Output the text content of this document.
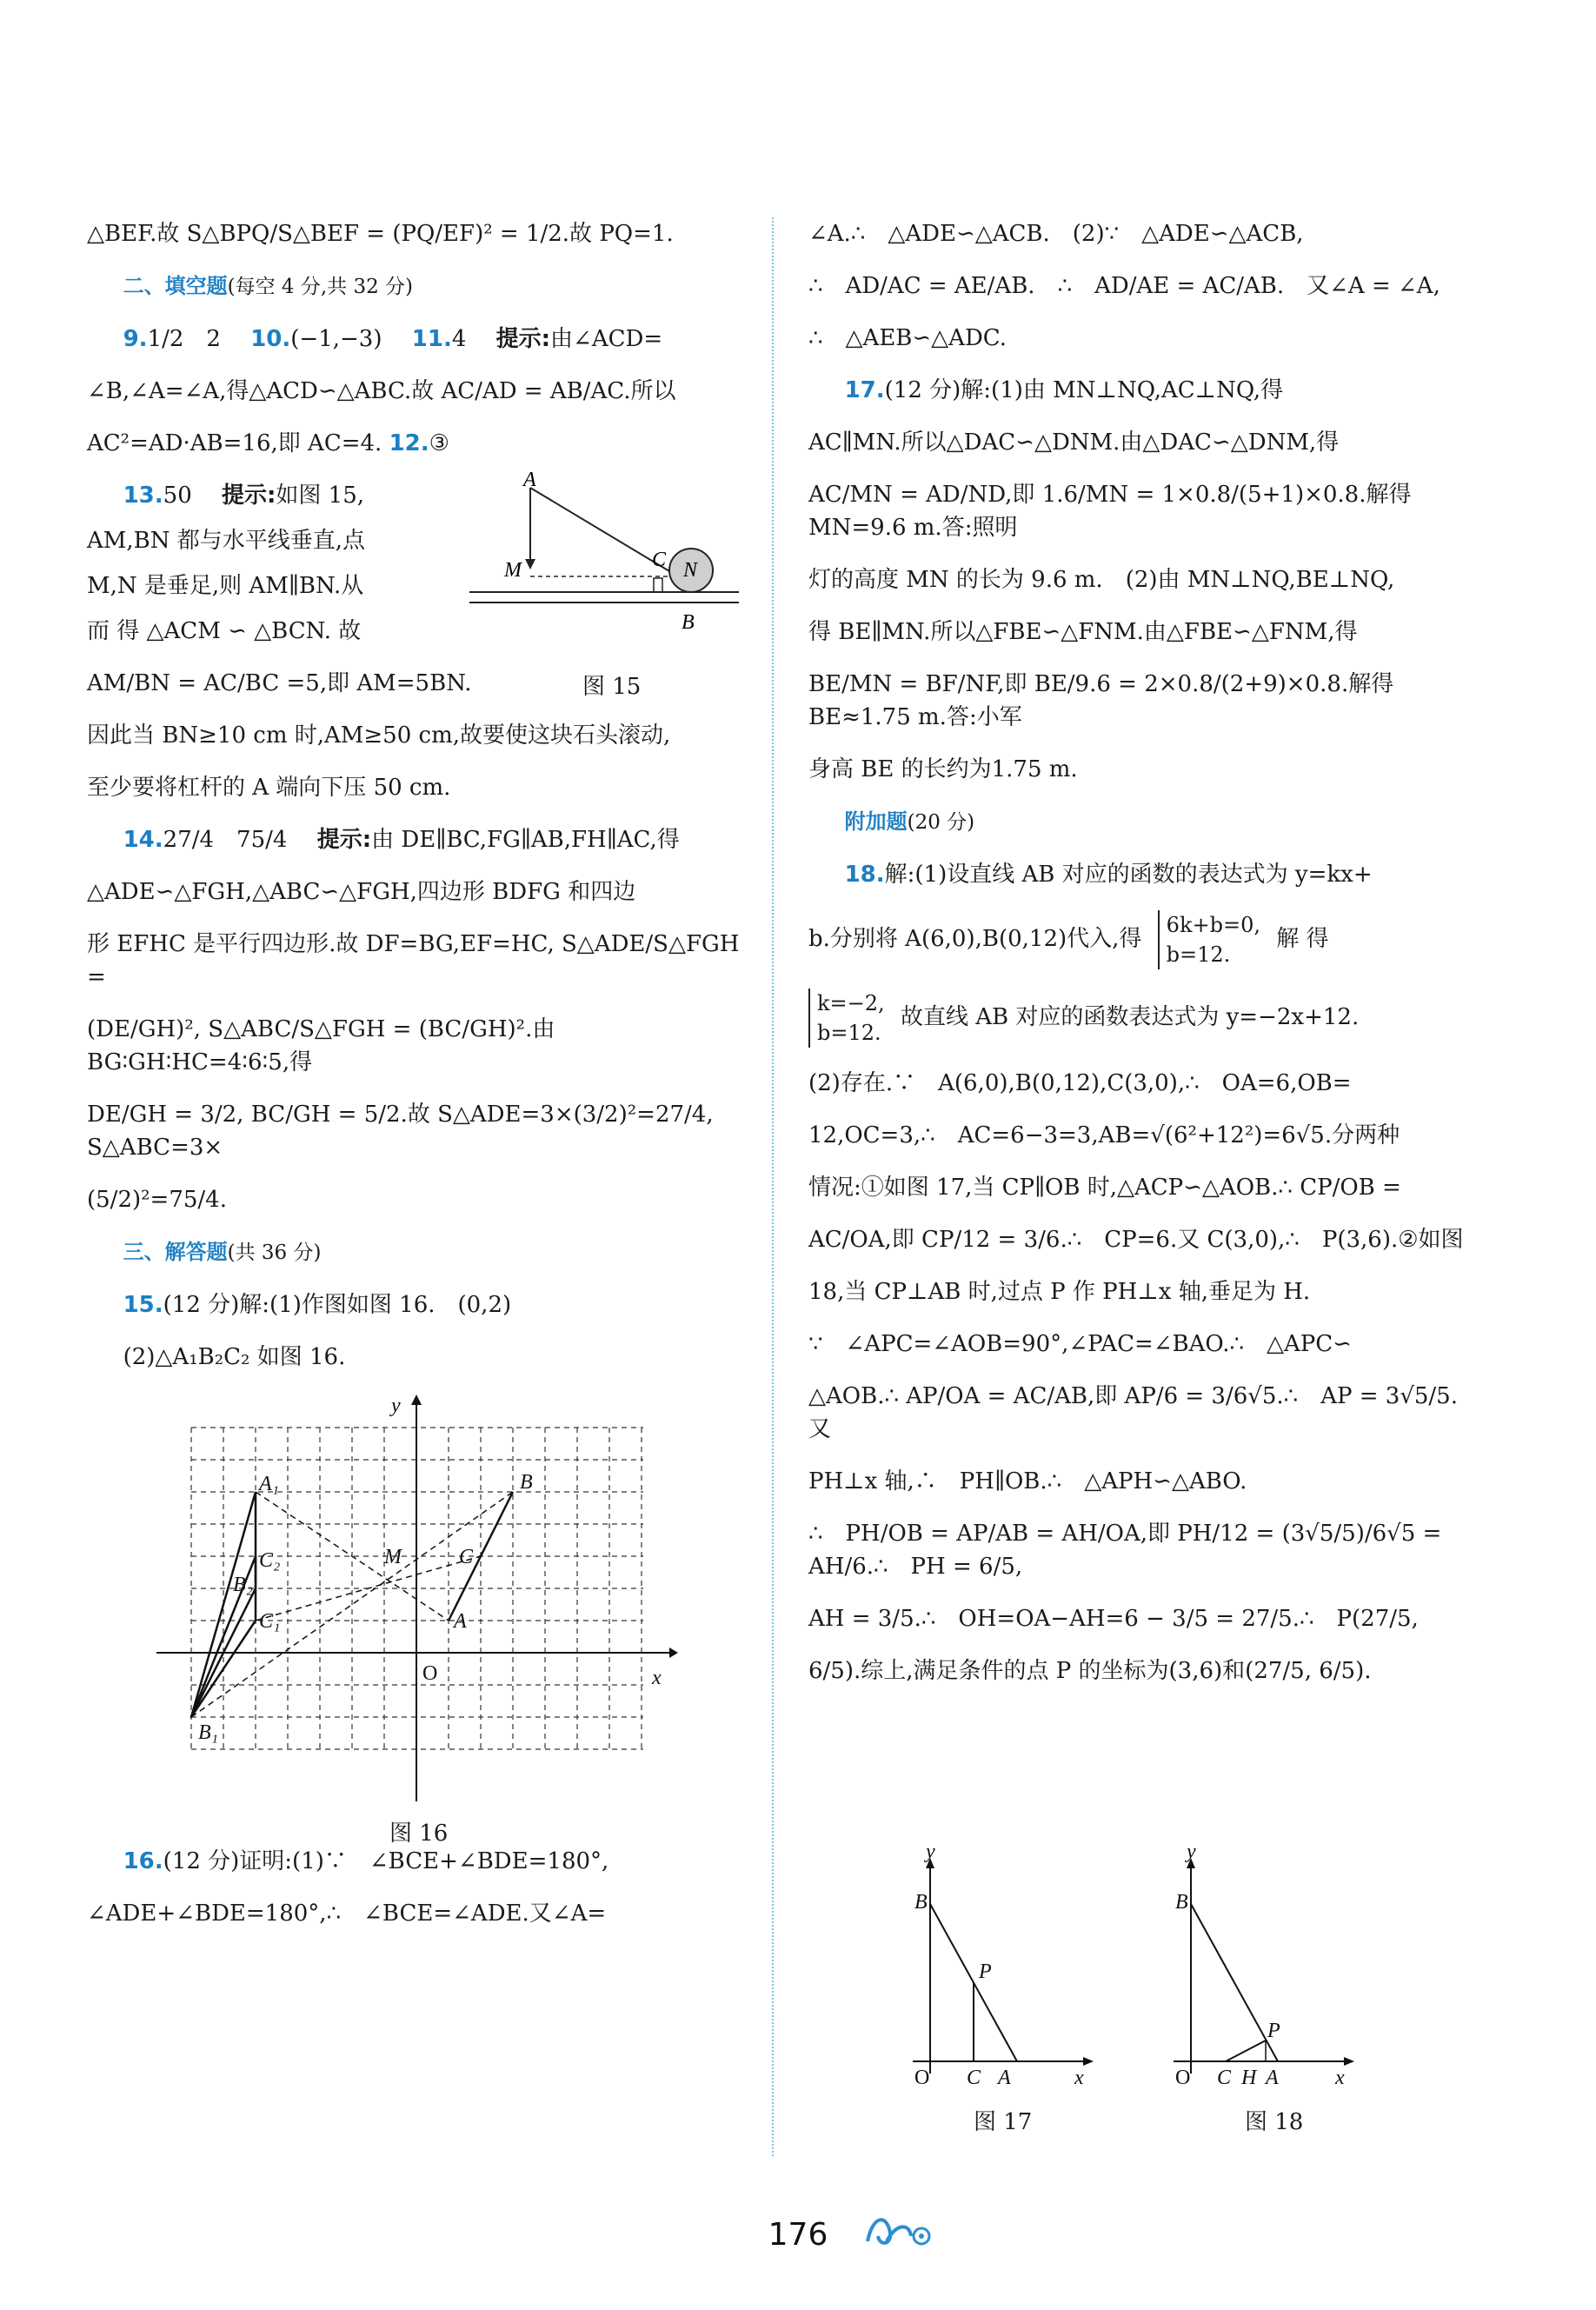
△BEF.故 S△BPQ/S△BEF = (PQ/EF)² = 1/2.故 PQ=1.

二、填空题(每空 4 分,共 32 分)

9.1/2　2　 10.(−1,−3)　 11.4　 提示:由∠ACD=

∠B,∠A=∠A,得△ACD∽△ABC.故 AC/AD = AB/AC.所以

AC²=AD·AB=16,即 AC=4. 12.③

13.50　 提示:如图 15,

AM,BN 都与水平线垂直,点

M,N 是垂足,则 AM∥BN.从

而 得 △ACM ∽ △BCN. 故

A
M	C N
B
图 15

AM/BN = AC/BC =5,即 AM=5BN.

因此当 BN≥10 cm 时,AM≥50 cm,故要使这块石头滚动,

至少要将杠杆的 A 端向下压 50 cm.

14.27/4　75/4　 提示:由 DE∥BC,FG∥AB,FH∥AC,得

△ADE∽△FGH,△ABC∽△FGH,四边形 BDFG 和四边

形 EFHC 是平行四边形.故 DF=BG,EF=HC, S△ADE/S△FGH =

(DE/GH)², S△ABC/S△FGH = (BC/GH)².由 BG∶GH∶HC=4∶6∶5,得

DE/GH = 3/2, BC/GH = 5/2.故 S△ADE=3×(3/2)²=27/4, S△ABC=3×

(5/2)²=75/4.

三、解答题(共 36 分)

15.(12 分)解:(1)作图如图 16.　(0,2)

(2)△A₁B₂C₂ 如图 16.

y
x
O
A₁	B
C₂	M	C
B₂
C₁	A
B₁
图 16

16.(12 分)证明:(1)∵　∠BCE+∠BDE=180°,

∠ADE+∠BDE=180°,∴　∠BCE=∠ADE.又∠A=

∠A.∴　△ADE∽△ACB.　(2)∵　△ADE∽△ACB,

∴　AD/AC = AE/AB.　∴　AD/AE = AC/AB.　又∠A = ∠A,

∴　△AEB∽△ADC.

17.(12 分)解:(1)由 MN⊥NQ,AC⊥NQ,得

AC∥MN.所以△DAC∽△DNM.由△DAC∽△DNM,得

AC/MN = AD/ND,即 1.6/MN = 1×0.8/(5+1)×0.8.解得 MN=9.6 m.答:照明

灯的高度 MN 的长为 9.6 m.　(2)由 MN⊥NQ,BE⊥NQ,

得 BE∥MN.所以△FBE∽△FNM.由△FBE∽△FNM,得

BE/MN = BF/NF,即 BE/9.6 = 2×0.8/(2+9)×0.8.解得 BE≈1.75 m.答:小军

身高 BE 的长约为1.75 m.

附加题(20 分)

18.解:(1)设直线 AB 对应的函数的表达式为 y=kx+

b.分别将 A(6,0),B(0,12)代入,得
6k+b=0,
b=12.
解 得

k=−2,
b=12.
故直线 AB 对应的函数表达式为 y=−2x+12.

(2)存在.∵　A(6,0),B(0,12),C(3,0),∴　OA=6,OB=

12,OC=3,∴　AC=6−3=3,AB=√(6²+12²)=6√5.分两种

情况:①如图 17,当 CP∥OB 时,△ACP∽△AOB.∴ CP/OB =

AC/OA,即 CP/12 = 3/6.∴　CP=6.又 C(3,0),∴　P(3,6).②如图

18,当 CP⊥AB 时,过点 P 作 PH⊥x 轴,垂足为 H.

∵　∠APC=∠AOB=90°,∠PAC=∠BAO.∴　△APC∽

△AOB.∴ AP/OA = AC/AB,即 AP/6 = 3/6√5.∴　AP = 3√5/5.又

PH⊥x 轴,∴　PH∥OB.∴　△APH∽△ABO.

∴　PH/OB = AP/AB = AH/OA,即 PH/12 = (3√5/5)/6√5 = AH/6.∴　PH = 6/5,

AH = 3/5.∴　OH=OA−AH=6 − 3/5 = 27/5.∴　P(27/5,

6/5).综上,满足条件的点 P 的坐标为(3,6)和(27/5, 6/5).

y
B
P
O C A	x
图 17
y
B
P
O C H A	x
图 18
176
